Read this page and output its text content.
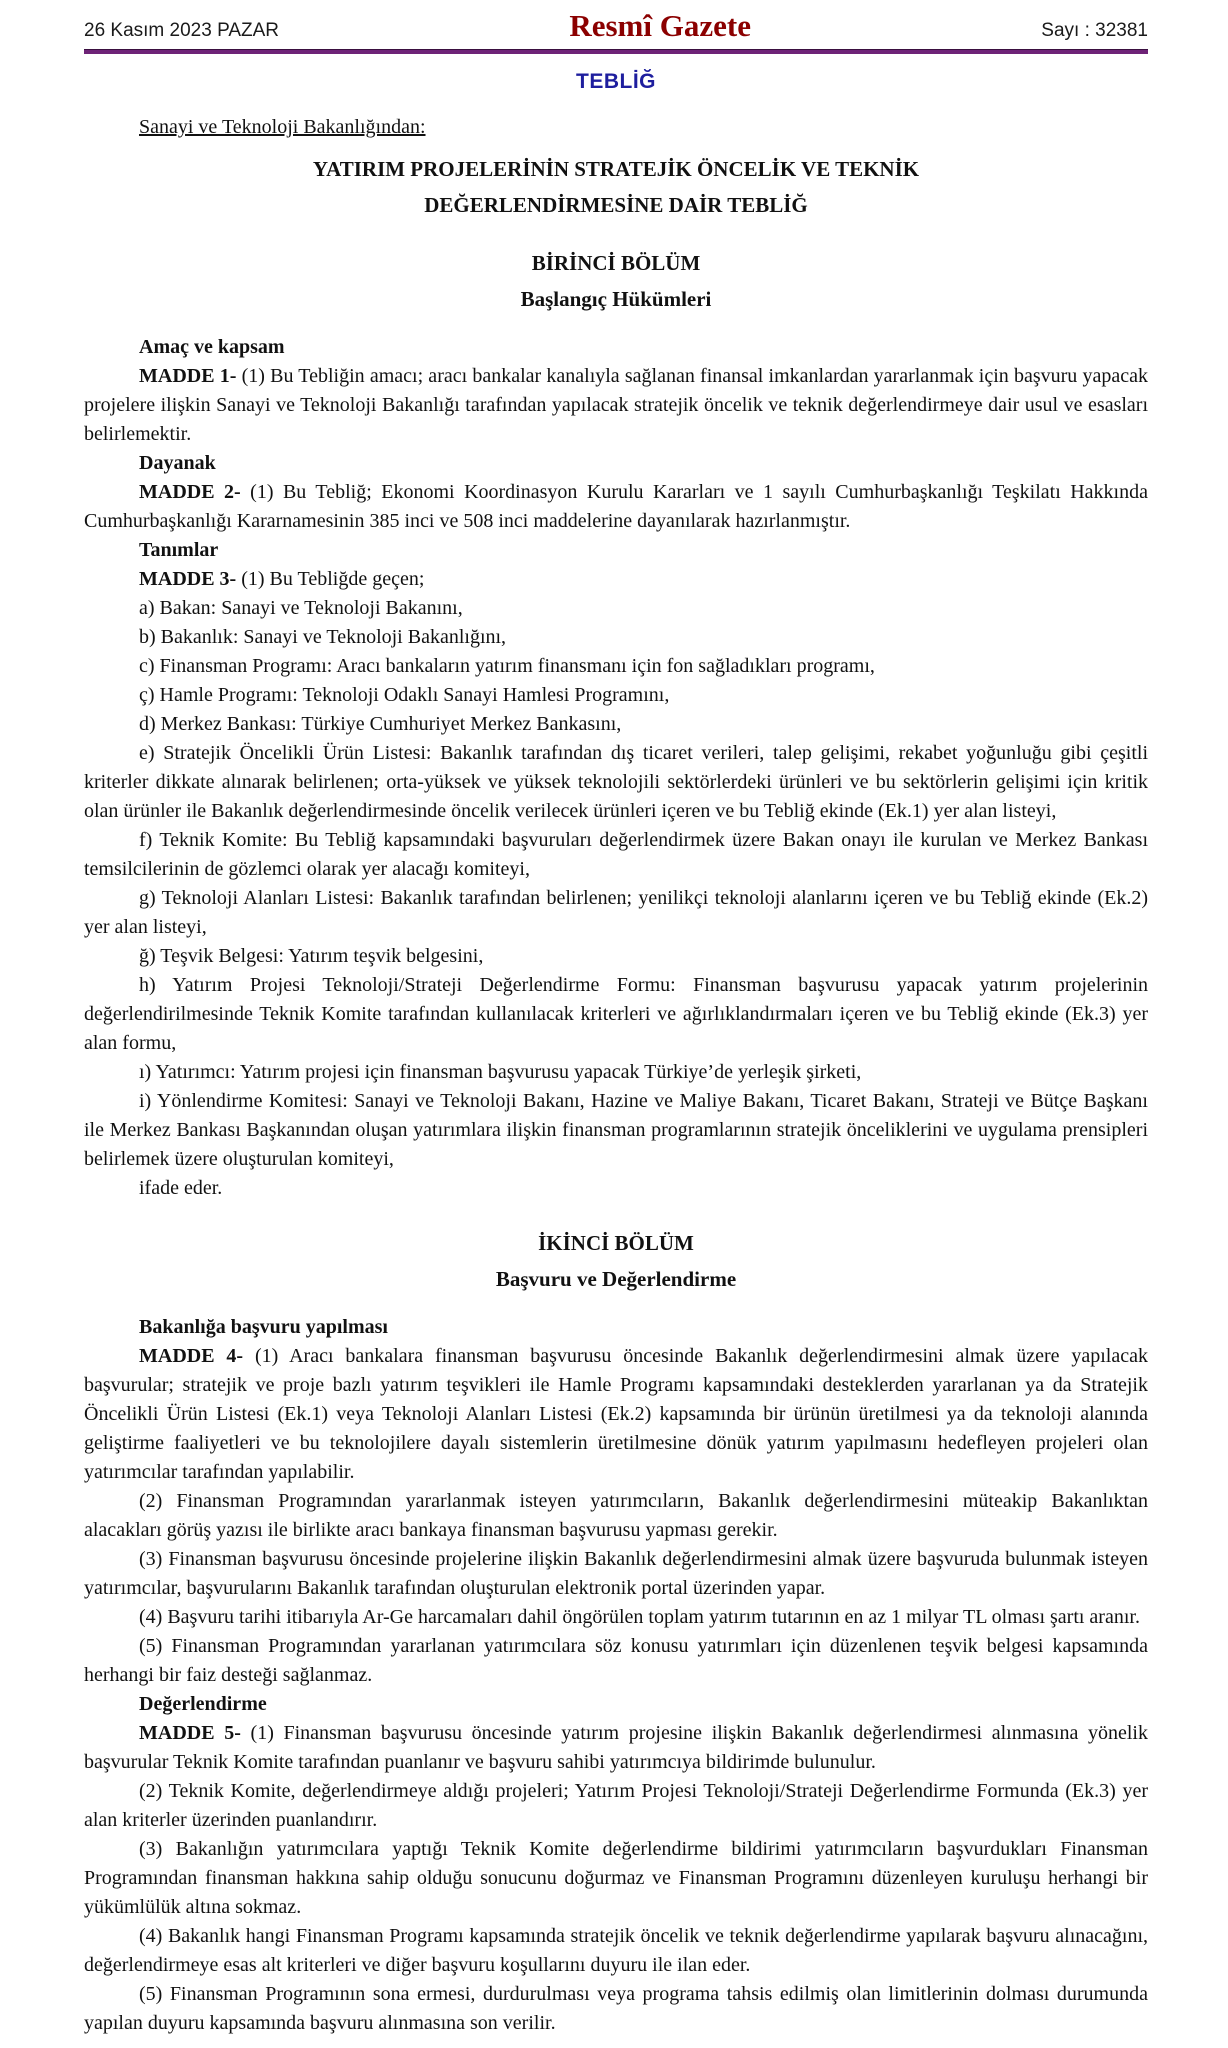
26 Kasım 2023 PAZAR	Resmî Gazete	Sayı : 32381
TEBLİĞ

Sanayi ve Teknoloji Bakanlığından:

YATIRIM PROJELERİNİN STRATEJİK ÖNCELİK VE TEKNİK
DEĞERLENDİRMESİNE DAİR TEBLİĞ

BİRİNCİ BÖLÜM

Başlangıç Hükümleri

Amaç ve kapsam

MADDE 1- (1) Bu Tebliğin amacı; aracı bankalar kanalıyla sağlanan finansal imkanlardan yararlanmak için başvuru yapacak projelere ilişkin Sanayi ve Teknoloji Bakanlığı tarafından yapılacak stratejik öncelik ve teknik değerlendirmeye dair usul ve esasları belirlemektir.

Dayanak

MADDE 2- (1) Bu Tebliğ; Ekonomi Koordinasyon Kurulu Kararları ve 1 sayılı Cumhurbaşkanlığı Teşkilatı Hakkında Cumhurbaşkanlığı Kararnamesinin 385 inci ve 508 inci maddelerine dayanılarak hazırlanmıştır.

Tanımlar

MADDE 3- (1) Bu Tebliğde geçen;

a) Bakan: Sanayi ve Teknoloji Bakanını,

b) Bakanlık: Sanayi ve Teknoloji Bakanlığını,

c) Finansman Programı: Aracı bankaların yatırım finansmanı için fon sağladıkları programı,

ç) Hamle Programı: Teknoloji Odaklı Sanayi Hamlesi Programını,

d) Merkez Bankası: Türkiye Cumhuriyet Merkez Bankasını,

e) Stratejik Öncelikli Ürün Listesi: Bakanlık tarafından dış ticaret verileri, talep gelişimi, rekabet yoğunluğu gibi çeşitli kriterler dikkate alınarak belirlenen; orta-yüksek ve yüksek teknolojili sektörlerdeki ürünleri ve bu sektörlerin gelişimi için kritik olan ürünler ile Bakanlık değerlendirmesinde öncelik verilecek ürünleri içeren ve bu Tebliğ ekinde (Ek.1) yer alan listeyi,

f) Teknik Komite: Bu Tebliğ kapsamındaki başvuruları değerlendirmek üzere Bakan onayı ile kurulan ve Merkez Bankası temsilcilerinin de gözlemci olarak yer alacağı komiteyi,

g) Teknoloji Alanları Listesi: Bakanlık tarafından belirlenen; yenilikçi teknoloji alanlarını içeren ve bu Tebliğ ekinde (Ek.2) yer alan listeyi,

ğ) Teşvik Belgesi: Yatırım teşvik belgesini,

h) Yatırım Projesi Teknoloji/Strateji Değerlendirme Formu: Finansman başvurusu yapacak yatırım projelerinin değerlendirilmesinde Teknik Komite tarafından kullanılacak kriterleri ve ağırlıklandırmaları içeren ve bu Tebliğ ekinde (Ek.3) yer alan formu,

ı) Yatırımcı: Yatırım projesi için finansman başvurusu yapacak Türkiye’de yerleşik şirketi,

i) Yönlendirme Komitesi: Sanayi ve Teknoloji Bakanı, Hazine ve Maliye Bakanı, Ticaret Bakanı, Strateji ve Bütçe Başkanı ile Merkez Bankası Başkanından oluşan yatırımlara ilişkin finansman programlarının stratejik önceliklerini ve uygulama prensipleri belirlemek üzere oluşturulan komiteyi,

ifade eder.

İKİNCİ BÖLÜM

Başvuru ve Değerlendirme

Bakanlığa başvuru yapılması

MADDE 4- (1) Aracı bankalara finansman başvurusu öncesinde Bakanlık değerlendirmesini almak üzere yapılacak başvurular; stratejik ve proje bazlı yatırım teşvikleri ile Hamle Programı kapsamındaki desteklerden yararlanan ya da Stratejik Öncelikli Ürün Listesi (Ek.1) veya Teknoloji Alanları Listesi (Ek.2) kapsamında bir ürünün üretilmesi ya da teknoloji alanında geliştirme faaliyetleri ve bu teknolojilere dayalı sistemlerin üretilmesine dönük yatırım yapılmasını hedefleyen projeleri olan yatırımcılar tarafından yapılabilir.

(2) Finansman Programından yararlanmak isteyen yatırımcıların, Bakanlık değerlendirmesini müteakip Bakanlıktan alacakları görüş yazısı ile birlikte aracı bankaya finansman başvurusu yapması gerekir.

(3) Finansman başvurusu öncesinde projelerine ilişkin Bakanlık değerlendirmesini almak üzere başvuruda bulunmak isteyen yatırımcılar, başvurularını Bakanlık tarafından oluşturulan elektronik portal üzerinden yapar.

(4) Başvuru tarihi itibarıyla Ar-Ge harcamaları dahil öngörülen toplam yatırım tutarının en az 1 milyar TL olması şartı aranır.

(5) Finansman Programından yararlanan yatırımcılara söz konusu yatırımları için düzenlenen teşvik belgesi kapsamında herhangi bir faiz desteği sağlanmaz.

Değerlendirme

MADDE 5- (1) Finansman başvurusu öncesinde yatırım projesine ilişkin Bakanlık değerlendirmesi alınmasına yönelik başvurular Teknik Komite tarafından puanlanır ve başvuru sahibi yatırımcıya bildirimde bulunulur.

(2) Teknik Komite, değerlendirmeye aldığı projeleri; Yatırım Projesi Teknoloji/Strateji Değerlendirme Formunda (Ek.3) yer alan kriterler üzerinden puanlandırır.

(3) Bakanlığın yatırımcılara yaptığı Teknik Komite değerlendirme bildirimi yatırımcıların başvurdukları Finansman Programından finansman hakkına sahip olduğu sonucunu doğurmaz ve Finansman Programını düzenleyen kuruluşu herhangi bir yükümlülük altına sokmaz.

(4) Bakanlık hangi Finansman Programı kapsamında stratejik öncelik ve teknik değerlendirme yapılarak başvuru alınacağını, değerlendirmeye esas alt kriterleri ve diğer başvuru koşullarını duyuru ile ilan eder.

(5) Finansman Programının sona ermesi, durdurulması veya programa tahsis edilmiş olan limitlerinin dolması durumunda yapılan duyuru kapsamında başvuru alınmasına son verilir.
